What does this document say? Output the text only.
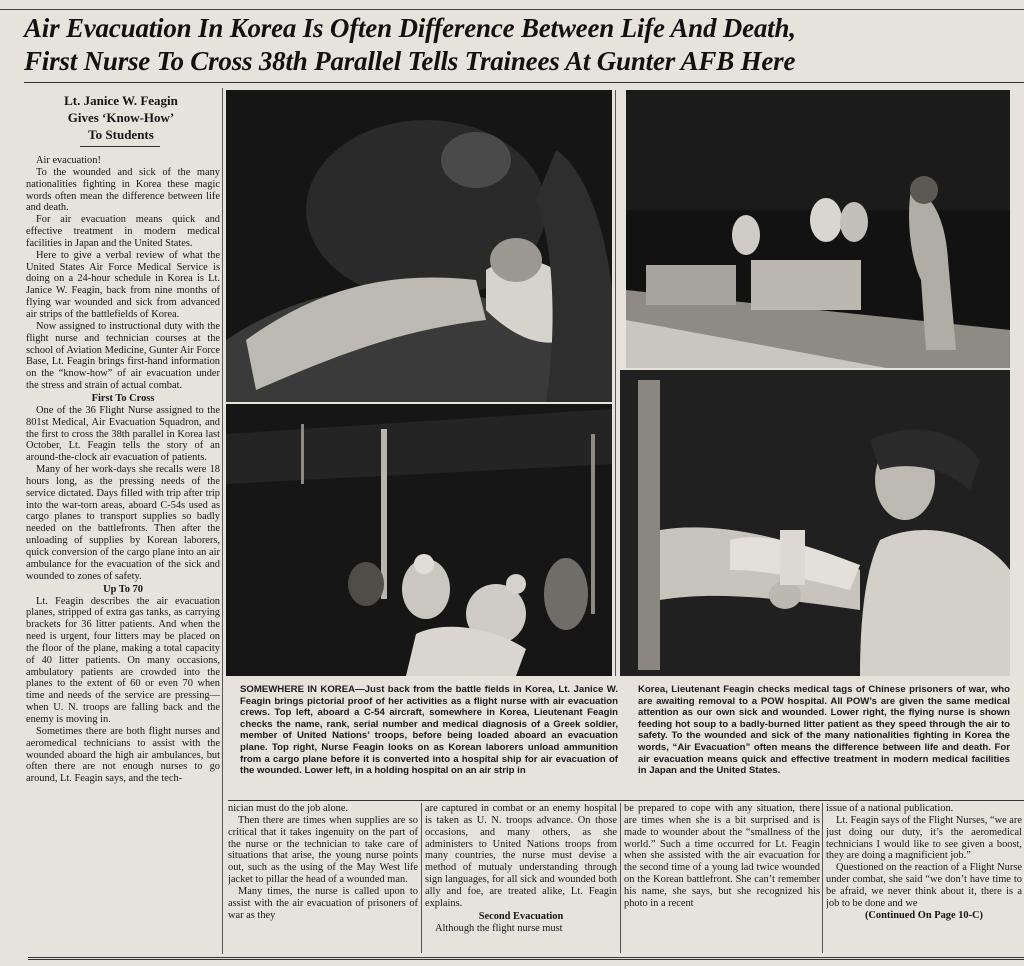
Air Evacuation In Korea Is Often Difference Between Life And Death,
First Nurse To Cross 38th Parallel Tells Trainees At Gunter AFB Here
Lt. Janice W. Feagin
Gives ‘Know-How’
To Students

Air evacuation!

To the wounded and sick of the many nationalities fighting in Korea these magic words often mean the difference between life and death.

For air evacuation means quick and effective treatment in modern medical facilities in Japan and the United States.

Here to give a verbal review of what the United States Air Force Medical Service is doing on a 24-hour schedule in Korea is Lt. Janice W. Feagin, back from nine months of flying war wounded and sick from advanced air strips of the battlefields of Korea.

Now assigned to instructional duty with the flight nurse and technician courses at the school of Aviation Medicine, Gunter Air Force Base, Lt. Feagin brings first-hand information on the “know-how” of air evacuation under the stress and strain of actual combat.

First To Cross

One of the 36 Flight Nurse assigned to the 801st Medical, Air Evacuation Squadron, and the first to cross the 38th parallel in Korea last October, Lt. Feagin tells the story of an around-the-clock air evacuation of patients.

Many of her work-days she recalls were 18 hours long, as the pressing needs of the service dictated. Days filled with trip after trip into the war-torn areas, aboard C-54s used as cargo planes to transport supplies so badly needed on the battlefronts. Then after the unloading of supplies by Korean laborers, quick conversion of the cargo plane into an air ambulance for the evacuation of the sick and wounded to zones of safety.

Up To 70

Lt. Feagin describes the air evacuation planes, stripped of extra gas tanks, as carrying brackets for 36 litter patients. And when the need is urgent, four litters may be placed on the floor of the plane, making a total capacity of 40 litter patients. On many occasions, ambulatory patients are crowded into the planes to the extent of 60 or even 70 when time and needs of the service are pressing—when U. N. troops are falling back and the enemy is moving in.

Sometimes there are both flight nurses and aeromedical technicians to assist with the wounded aboard the high air ambulances, but often there are not enough nurses to go around, Lt. Feagin says, and the tech-

SOMEWHERE IN KOREA—Just back from the battle fields in Korea, Lt. Janice W. Feagin brings pictorial proof of her activities as a flight nurse with air evacuation crews. Top left, aboard a C-54 aircraft, somewhere in Korea, Lieutenant Feagin checks the name, rank, serial number and medical diagnosis of a Greek soldier, member of United Nations’ troops, before being loaded aboard an evacuation plane. Top right, Nurse Feagin looks on as Korean laborers unload ammunition from a cargo plane before it is converted into a hospital ship for air evacuation of the wounded. Lower left, in a holding hospital on an air strip in
Korea, Lieutenant Feagin checks medical tags of Chinese prisoners of war, who are awaiting removal to a POW hospital. All POW’s are given the same medical attention as our own sick and wounded. Lower right, the flying nurse is shown feeding hot soup to a badly-burned litter patient as they speed through the air to safety. To the wounded and sick of the many nationalities fighting in Korea the words, “Air Evacuation” often means the difference between life and death. For air evacuation means quick and effective treatment in modern medical facilities in Japan and the United States.

nician must do the job alone.

Then there are times when supplies are so critical that it takes ingenuity on the part of the nurse or the technician to take care of situations that arise, the young nurse points out, such as the using of the May West life jacket to pillar the head of a wounded man.

Many times, the nurse is called upon to assist with the air evacuation of prisoners of war as they

are captured in combat or an enemy hospital is taken as U. N. troops advance. On those occasions, and many others, as she administers to United Nations troops from many countries, the nurse must devise a method of mutualy understanding through sign languages, for all sick and wounded both ally and foe, are treated alike, Lt. Feagin explains.

Second Evacuation

Although the flight nurse must

be prepared to cope with any situation, there are times when she is a bit surprised and is made to wounder about the “smallness of the world.” Such a time occurred for Lt. Feagin when she assisted with the air evacuation for the second time of a young lad twice wounded on the Korean battlefront. She can’t remember his name, she says, but she recognized his photo in a recent

issue of a national publication.

Lt. Feagin says of the Flight Nurses, “we are just doing our duty, it’s the aeromedical technicians I would like to see given a boost, they are doing a magnificient job.”

Questioned on the reaction of a Flight Nurse under combat, she said “we don’t have time to be afraid, we never think about it, there is a job to be done and we

(Continued On Page 10-C)
